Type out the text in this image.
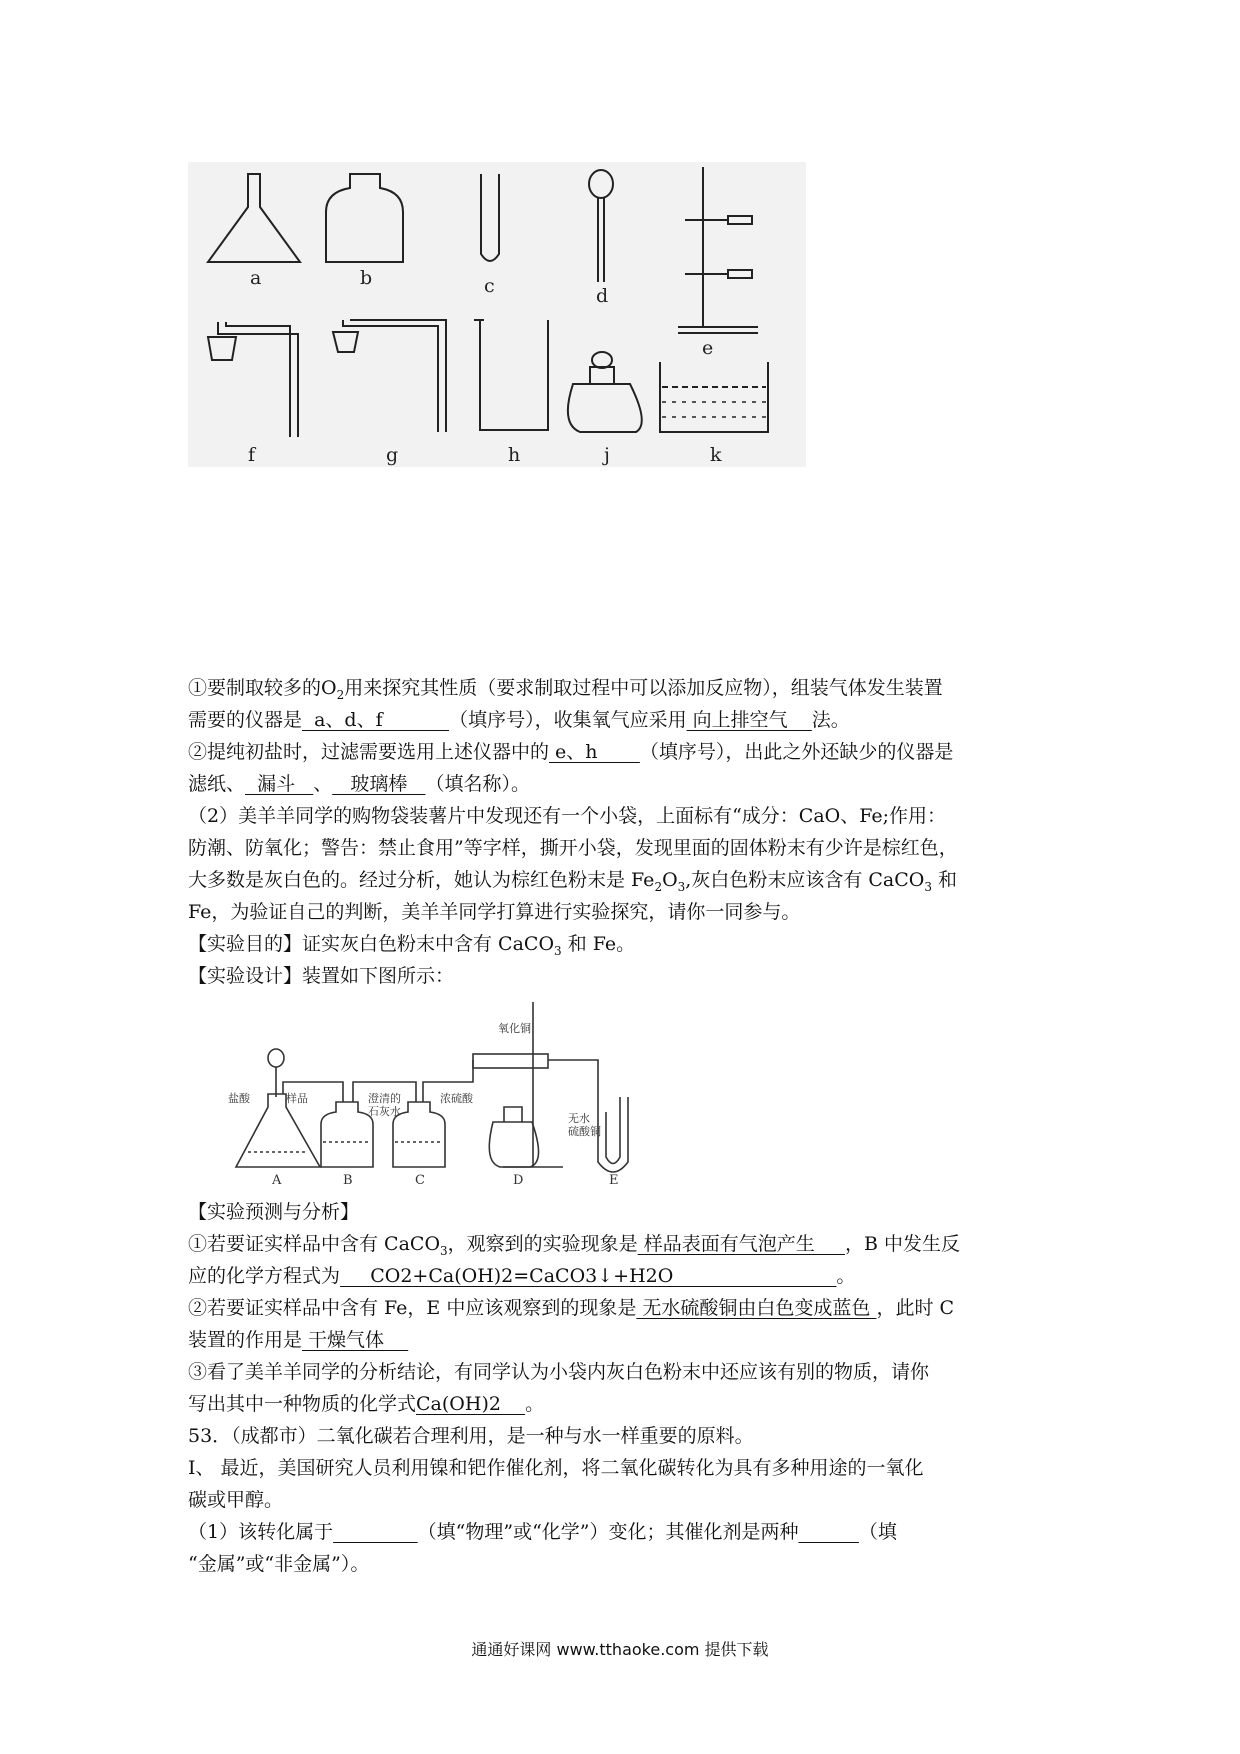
a	b	c	d
e
f	g	h	j	k
①要制取较多的$O_2$用来探究其性质（要求制取过程中可以添加反应物），组装气体发生装置
需要的仪器是  a、d、f           （填序号），收集氧气应采用 向上排空气    法。
②提纯初盐时，过滤需要选用上述仪器中的 e、h       （填序号），出此之外还缺少的仪器是
滤纸、  漏斗   、   玻璃棒   （填名称）。
（2）美羊羊同学的购物袋装薯片中发现还有一个小袋，上面标有“成分：CaO、Fe;作用：
防潮、防氧化；警告：禁止食用”等字样，撕开小袋，发现里面的固体粉末有少许是棕红色，
大多数是灰白色的。经过分析，她认为棕红色粉末是 $Fe_2O_3$,灰白色粉末应该含有 CaCO$_3$ 和
Fe，为验证自己的判断，美羊羊同学打算进行实验探究，请你一同参与。
【实验目的】证实灰白色粉末中含有 CaCO$_3$ 和 Fe。
【实验设计】装置如下图所示：
盐酸	样品	澄清的石灰水
浓硫酸
氧化铜
无水硫酸铜
A	B	C	D	E
【实验预测与分析】
①若要证实样品中含有 CaCO$_3$，观察到的实验现象是 样品表面有气泡产生     ，B 中发生反
应的化学方程式为     CO2+Ca(OH)2=CaCO3↓+H2O                           。
②若要证实样品中含有 Fe，E 中应该观察到的现象是 无水硫酸铜由白色变成蓝色 ，此时 C
装置的作用是 干燥气体
③看了美羊羊同学的分析结论，有同学认为小袋内灰白色粉末中还应该有别的物质，请你
写出其中一种物质的化学式Ca(OH)2    。
53．（成都市）二氧化碳若合理利用，是一种与水一样重要的原料。
Ⅰ、 最近，美国研究人员利用镍和钯作催化剂，将二氧化碳转化为具有多种用途的一氧化
碳或甲醇。
（1）该转化属于	（填“物理”或“化学”）变化；其催化剂是两种	（填
“金属”或“非金属”）。
通通好课网 www.tthaoke.com 提供下载
